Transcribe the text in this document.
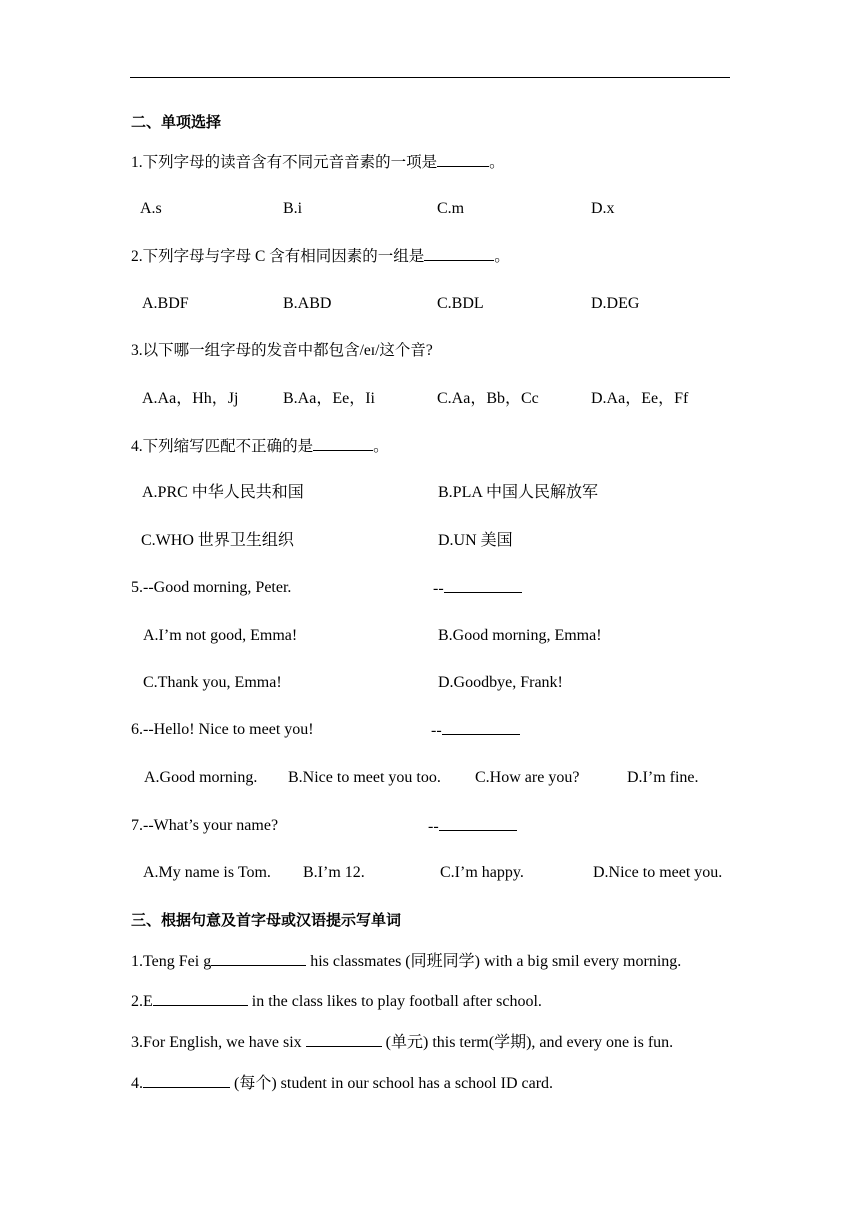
二、单项选择
1.下列字母的读音含有不同元音音素的一项是	。
A.s	B.i	C.m	D.x
2.下列字母与字母 C 含有相同因素的一组是	。
A.BDF	B.ABD	C.BDL	D.DEG
3.以下哪一组字母的发音中都包含/eɪ/这个音?
A.Aa，Hh，Jj	B.Aa，Ee，Ii	C.Aa，Bb，Cc	D.Aa，Ee，Ff
4.下列缩写匹配不正确的是	。
A.PRC 中华人民共和国	B.PLA 中国人民解放军
C.WHO 世界卫生组织	D.UN 美国
5.--Good morning, Peter.	--
A.I’m not good, Emma!	B.Good morning, Emma!
C.Thank you, Emma!	D.Goodbye, Frank!
6.--Hello! Nice to meet you!	--
A.Good morning. B.Nice to meet you too. C.How are you?	D.I’m fine.
7.--What’s your name?	--
A.My name is Tom. B.I’m 12.	C.I’m happy.	D.Nice to meet you.
三、根据句意及首字母或汉语提示写单词
1.Teng Fei g	his classmates (同班同学) with a big smil every morning.
2.E	in the class likes to play football after school.
3.For English, we have six	(单元) this term(学期), and every one is fun.
4.	(每个) student in our school has a school ID card.
